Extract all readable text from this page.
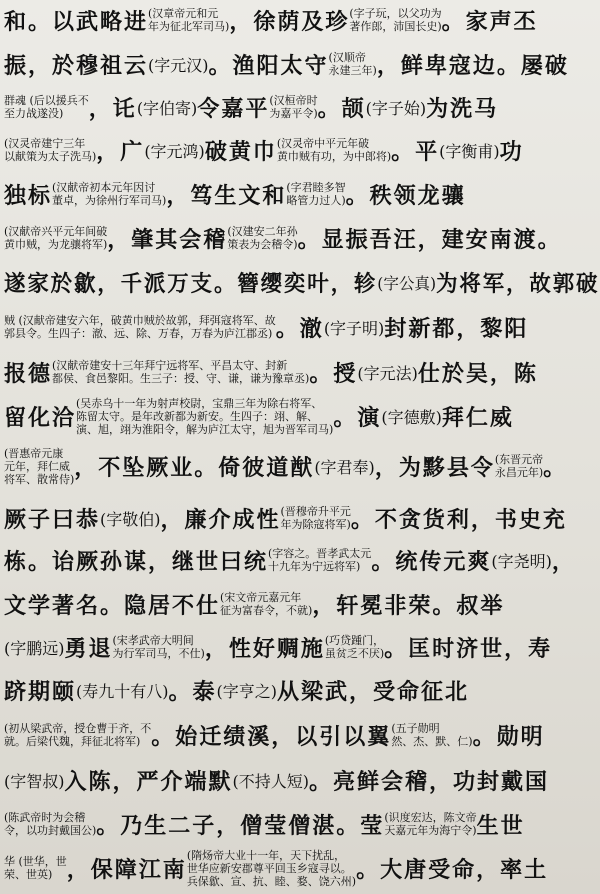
和。以武略进 (汉章帝元和元
年为征北军司马) ，徐荫及珍 (字子玩，以父功为
著作郎，沛国长史) 。家声丕
振，於穆祖云 (字元汉) 。渔阳太守 (汉顺帝
永建三年) ，鲜卑寇边。屡破
群魂 (后以援兵不
至力战遂没)	，讬 (字伯寄) 令嘉平 (汉桓帝时
为嘉平令) 。颉 (字子始) 为洗马
(汉灵帝建宁三年
以献策为太子洗马) ，广 (字元鸿) 破黄巾 (汉灵帝中平元年破
黄巾贼有功，为中郎将) 。平 (字衡甫) 功
独标 (汉献帝初本元年因讨
董卓，为徐州行军司马) ，笃生文和 (字君睦多智
略管力过人) 。秩领龙骧
(汉献帝兴平元年间破
黄巾贼，为龙骧将军) ，肇其会稽 (汉建安二年孙
策表为会稽令) 。显振吾汪，建安南渡。
遂家於歙，千派万支。簪缨奕叶，轸 (字公真) 为将军，故郭破
贼 (汉献帝建安六年，破黄巾贼於故郭，拜弭寇将军、故
郭县令。生四子：澈、远、除、万春，万春为庐江郡丞) 。澈 (字子明) 封新都，黎阳
报德 (汉献帝建安十三年拜宁远将军、平昌太守、封新
都侯、食邑黎阳。生三子：授、守、谦，谦为豫章丞) 。授 (字元法) 仕於吴，陈
留化洽
(吴赤乌十一年为射声校尉，宝鼎三年为除右将军、
陈留太守。是年改新都为新安。生四子：翊、解、
演、旭，翊为淮阳令，解为庐江太守，旭为晋军司马) 。演 (字德敷) 拜仁威
(晋惠帝元康
元年，拜仁威
将军、散常侍) ，不坠厥业。倚彼道猷 (字君奉) ，为黟县令 (东晋元帝
永昌元年) 。
厥子曰恭 (字敬伯) ，廉介成性 (晋穆帝升平元
年为除寇将军) 。不贪货利，书史充
栋。诒厥孙谋，继世曰统 (字容之。晋孝武太元
十九年为宁远将军) 。统传元爽 (字尧明) ，
文学著名。隐居不仕 (宋文帝元嘉元年
征为富春令，不就) ，轩冕非荣。叔举
(字鹏远) 勇退 (宋孝武帝大明间
为行军司马，不仕) ，性好赒施 (巧贷踵门，
虽贫乏不厌) 。匡时济世，寿
跻期颐 (寿九十有八) 。泰 (字亨之) 从梁武，受命征北
(初从梁武帝，授仓曹于齐，不
就。后梁代魏，拜征北将军) 。始迁绩溪，以引以翼 (五子勋明
然、杰、默、仁) 。勋明
(字智叔) 入陈，严介端默 (不持人短) 。亮鲜会稽，功封戴国
(陈武帝时为会稽
令，以功封戴国公) 。乃生二子，僧莹僧湛。莹 (识度宏达，陈文帝
天嘉元年为海宁令) 生世
华 (世华，世
荣、世英) ，保障江南
(隋炀帝大业十一年，天下扰乱，
世华应新安郡尊平回玉乡寇寻以。
兵保歙、宣、抗、睦、婺、饶六州) 。大唐受命，率土
